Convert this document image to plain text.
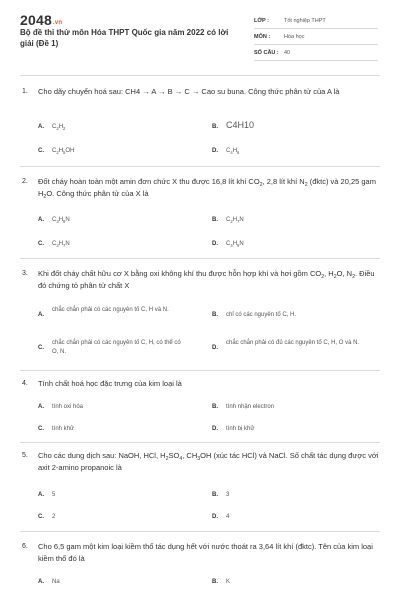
2048.vn
Bộ đề thi thử môn Hóa THPT Quốc gia năm 2022 có lời giải (Đề 1)
LỚP :	Tốt nghiệp THPT
MÔN :	Hóa học
SỐ CÂU : 40
1. Cho dãy chuyển hoá sau: CH4 → A → B → C → Cao su buna. Công thức phân tử của A là
A. $C_2H_2$	B. C4H10
C. $C_2H_5OH$	D. $C_4H_6$
2. Đốt cháy hoàn toàn một amin đơn chức X thu được 16,8 lít khí $CO_2$, 2,8 lít khí $N_2$ (đktc) và 20,25 gam $H_2O$. Công thức phân tử của X là
A. $C_3H_9N$	B. $C_2H_7N$
C. $C_3H_7N$	D. $C_4H_9N$
3. Khi đốt cháy chất hữu cơ X bằng oxi không khí thu được hỗn hợp khí và hơi gồm $CO_2$, $H_2O$, $N_2$. Điều đó chứng tỏ phân tử chất X
A.
chắc chắn phải có các nguyên tố C, H và N.
B. chỉ có các nguyên tố C, H.
C.
chắc chắn phải có các nguyên tố C, H, có thể có O, N.
D.
chắc chắn phải có đủ các nguyên tố C, H, O và N.
4. Tính chất hoá học đặc trưng của kim loại là
A. tính oxi hóa	B. tính nhận electron
C. tính khử	D. tính bị khử
5. Cho các dung dịch sau: NaOH, HCl, $H_2SO_4$, $CH_3OH$ (xúc tác HCl) và NaCl. Số chất tác dụng được với axit 2-amino propanoic là
A. 5	B. 3
C. 2	D. 4
6. Cho 6,5 gam một kim loại kiềm thổ tác dụng hết với nước thoát ra 3,64 lít khí (đktc). Tên của kim loại kiềm thổ đó là
A. Na	B. K
